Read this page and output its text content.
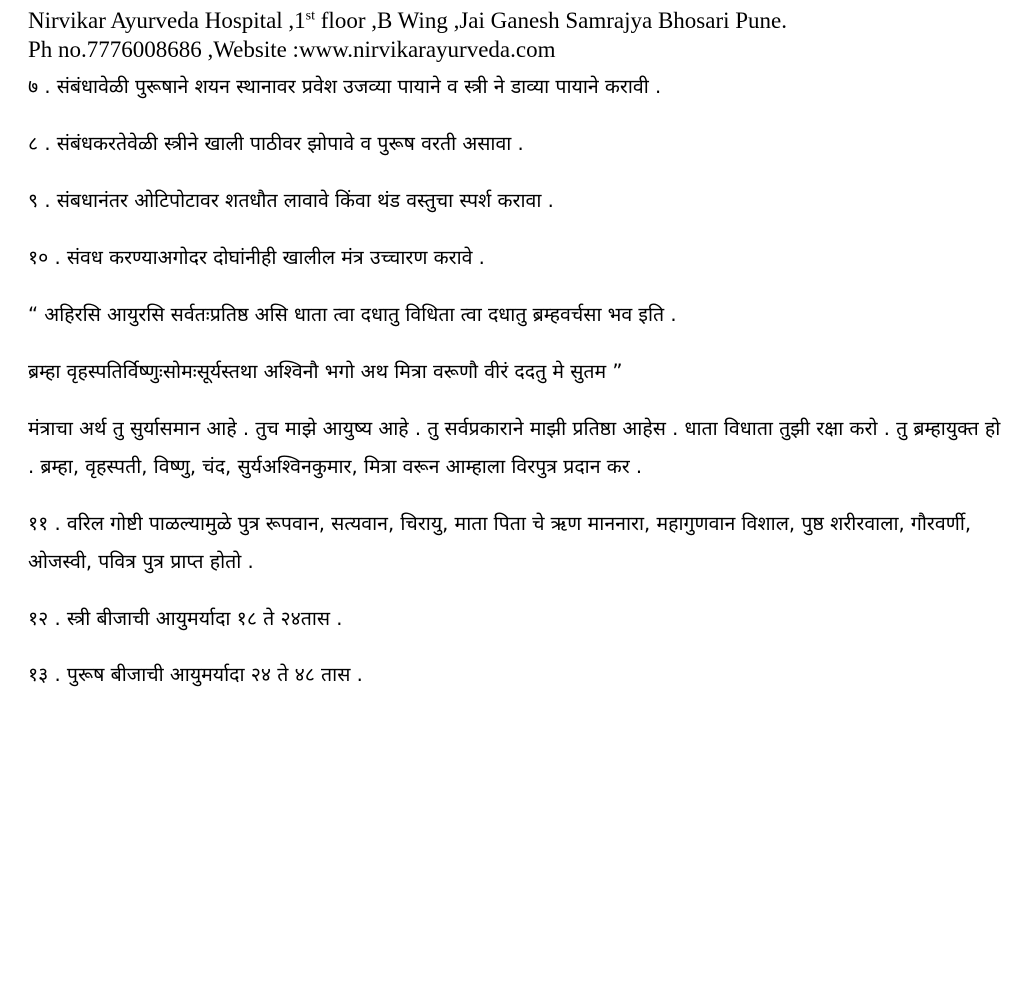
Nirvikar Ayurveda Hospital ,1st floor ,B Wing ,Jai Ganesh Samrajya Bhosari Pune.
Ph no.7776008686 ,Website :www.nirvikarayurveda.com

७ . संबंधावेळी पुरूषाने शयन स्थानावर प्रवेश उजव्या पायाने व स्त्री ने डाव्या पायाने करावी .

८ . संबंधकरतेवेळी स्त्रीने खाली पाठीवर झोपावे व पुरूष वरती असावा .

९ . संबधानंतर ओटिपोटावर शतधौत लावावे किंवा थंड वस्तुचा स्पर्श करावा .

१० . संवध करण्याअगोदर दोघांनीही खालील मंत्र उच्चारण करावे .

“ अहिरसि आयुरसि सर्वतःप्रतिष्ठ असि धाता त्वा दधातु विधिता त्वा दधातु ब्रम्हवर्चसा भव इति .

ब्रम्हा वृहस्पतिर्विष्णुःसोमःसूर्यस्तथा अश्विनौ भगो अथ मित्रा वरूणौ वीरं ददतु मे सुतम ”

मंत्राचा अर्थ तु सुर्यासमान आहे . तुच माझे आयुष्य आहे . तु सर्वप्रकाराने माझी प्रतिष्ठा आहेस . धाता विधाता तुझी रक्षा करो . तु ब्रम्हायुक्त हो . ब्रम्हा, वृहस्पती, विष्णु, चंद, सुर्यअश्विनकुमार, मित्रा वरून आम्हाला विरपुत्र प्रदान कर .

११ . वरिल गोष्टी पाळल्यामुळे पुत्र रूपवान, सत्यवान, चिरायु, माता पिता चे ऋण माननारा, महागुणवान विशाल, पुष्ठ शरीरवाला, गौरवर्णी, ओजस्वी, पवित्र पुत्र प्राप्त होतो .

१२ . स्त्री बीजाची आयुमर्यादा १८ ते २४तास .

१३ . पुरूष बीजाची आयुमर्यादा २४ ते ४८ तास .
